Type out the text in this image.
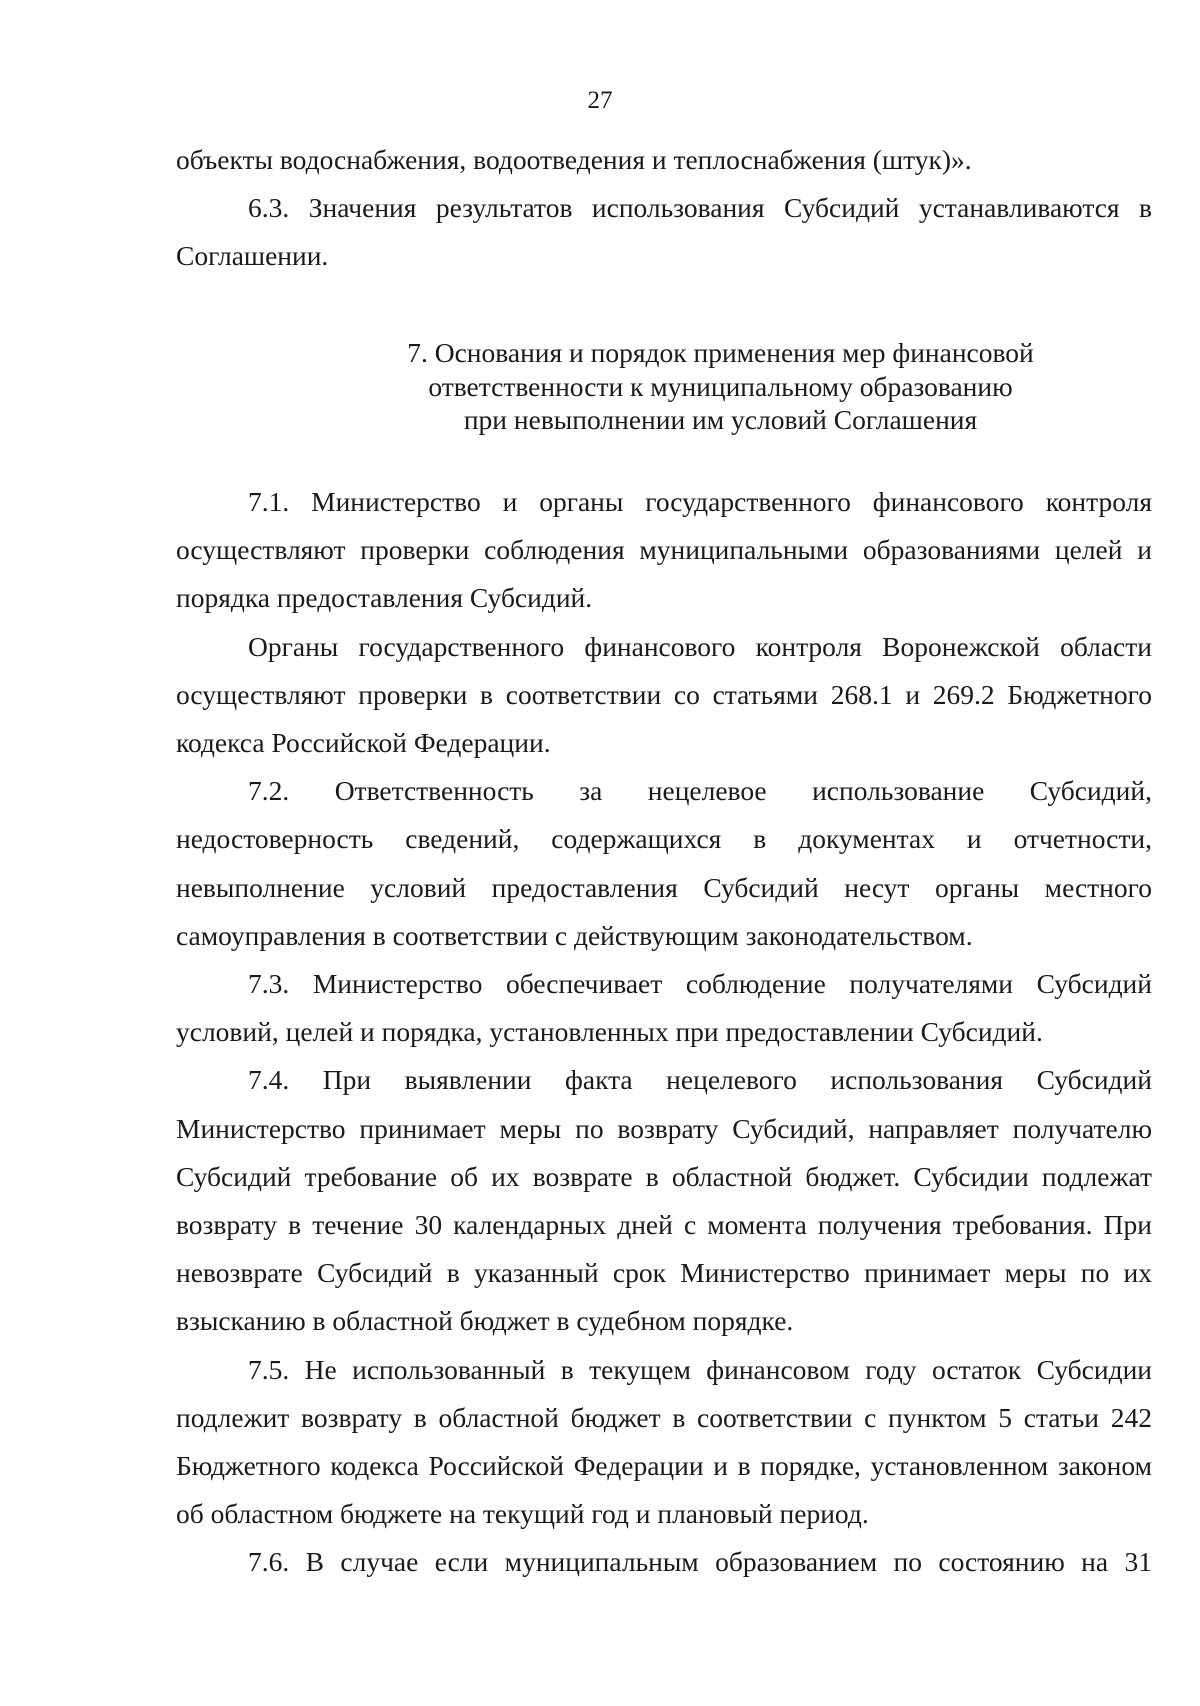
27

объекты водоснабжения, водоотведения и теплоснабжения (штук)».

6.3. Значения результатов использования Субсидий устанавливаются в Соглашении.

7. Основания и порядок применения мер финансовой
ответственности к муниципальному образованию
при невыполнении им условий Соглашения

7.1. Министерство и органы государственного финансового контроля осуществляют проверки соблюдения муниципальными образованиями целей и порядка предоставления Субсидий.

Органы государственного финансового контроля Воронежской области осуществляют проверки в соответствии со статьями 268.1 и 269.2 Бюджетного кодекса Российской Федерации.

7.2. Ответственность за нецелевое использование Субсидий, недостоверность сведений, содержащихся в документах и отчетности, невыполнение условий предоставления Субсидий несут органы местного самоуправления в соответствии с действующим законодательством.

7.3. Министерство обеспечивает соблюдение получателями Субсидий условий, целей и порядка, установленных при предоставлении Субсидий.

7.4. При выявлении факта нецелевого использования Субсидий Министерство принимает меры по возврату Субсидий, направляет получателю Субсидий требование об их возврате в областной бюджет. Субсидии подлежат возврату в течение 30 календарных дней с момента получения требования. При невозврате Субсидий в указанный срок Министерство принимает меры по их взысканию в областной бюджет в судебном порядке.

7.5. Не использованный в текущем финансовом году остаток Субсидии подлежит возврату в областной бюджет в соответствии с пунктом 5 статьи 242 Бюджетного кодекса Российской Федерации и в порядке, установленном законом об областном бюджете на текущий год и плановый период.

7.6. В случае если муниципальным образованием по состоянию на 31
